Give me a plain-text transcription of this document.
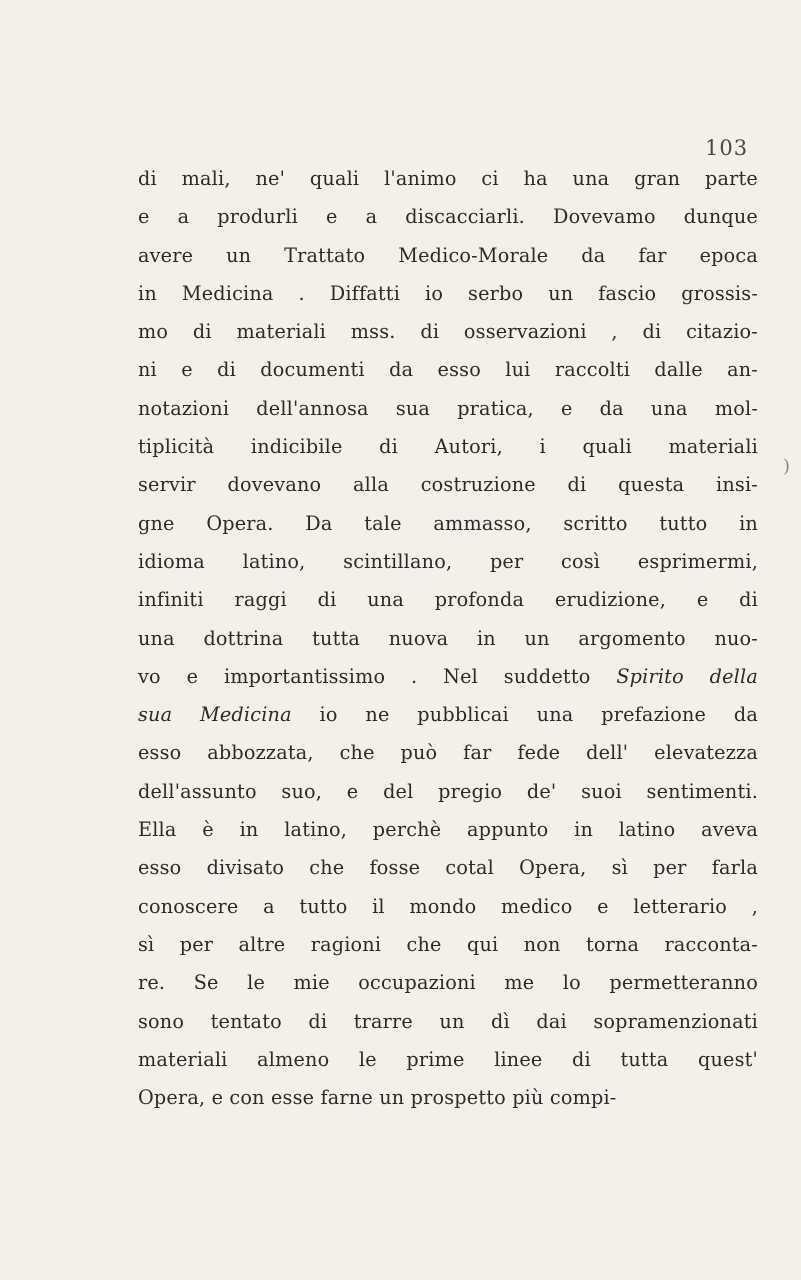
103
di mali, ne' quali l'animo ci ha una gran parte
e a produrli e a discacciarli. Dovevamo dunque
avere un Trattato Medico-Morale da far epoca
in Medicina . Diffatti io serbo un fascio grossis-
mo di materiali mss. di osservazioni , di citazio-
ni e di documenti da esso lui raccolti dalle an-
notazioni dell'annosa sua pratica, e da una mol-
tiplicità indicibile di Autori, i quali materiali
servir dovevano alla costruzione di questa insi-
gne Opera. Da tale ammasso, scritto tutto in
idioma latino, scintillano, per così esprimermi,
infiniti raggi di una profonda erudizione, e di
una dottrina tutta nuova in un argomento nuo-
vo e importantissimo . Nel suddetto Spirito della
sua Medicina io ne pubblicai una prefazione da
esso abbozzata, che può far fede dell' elevatezza
dell'assunto suo, e del pregio de' suoi sentimenti.
Ella è in latino, perchè appunto in latino aveva
esso divisato che fosse cotal Opera, sì per farla
conoscere a tutto il mondo medico e letterario ,
sì per altre ragioni che qui non torna racconta-
re. Se le mie occupazioni me lo permetteranno
sono tentato di trarre un dì dai sopramenzionati
materiali almeno le prime linee di tutta quest'
Opera, e con esse farne un prospetto più compi-
)
